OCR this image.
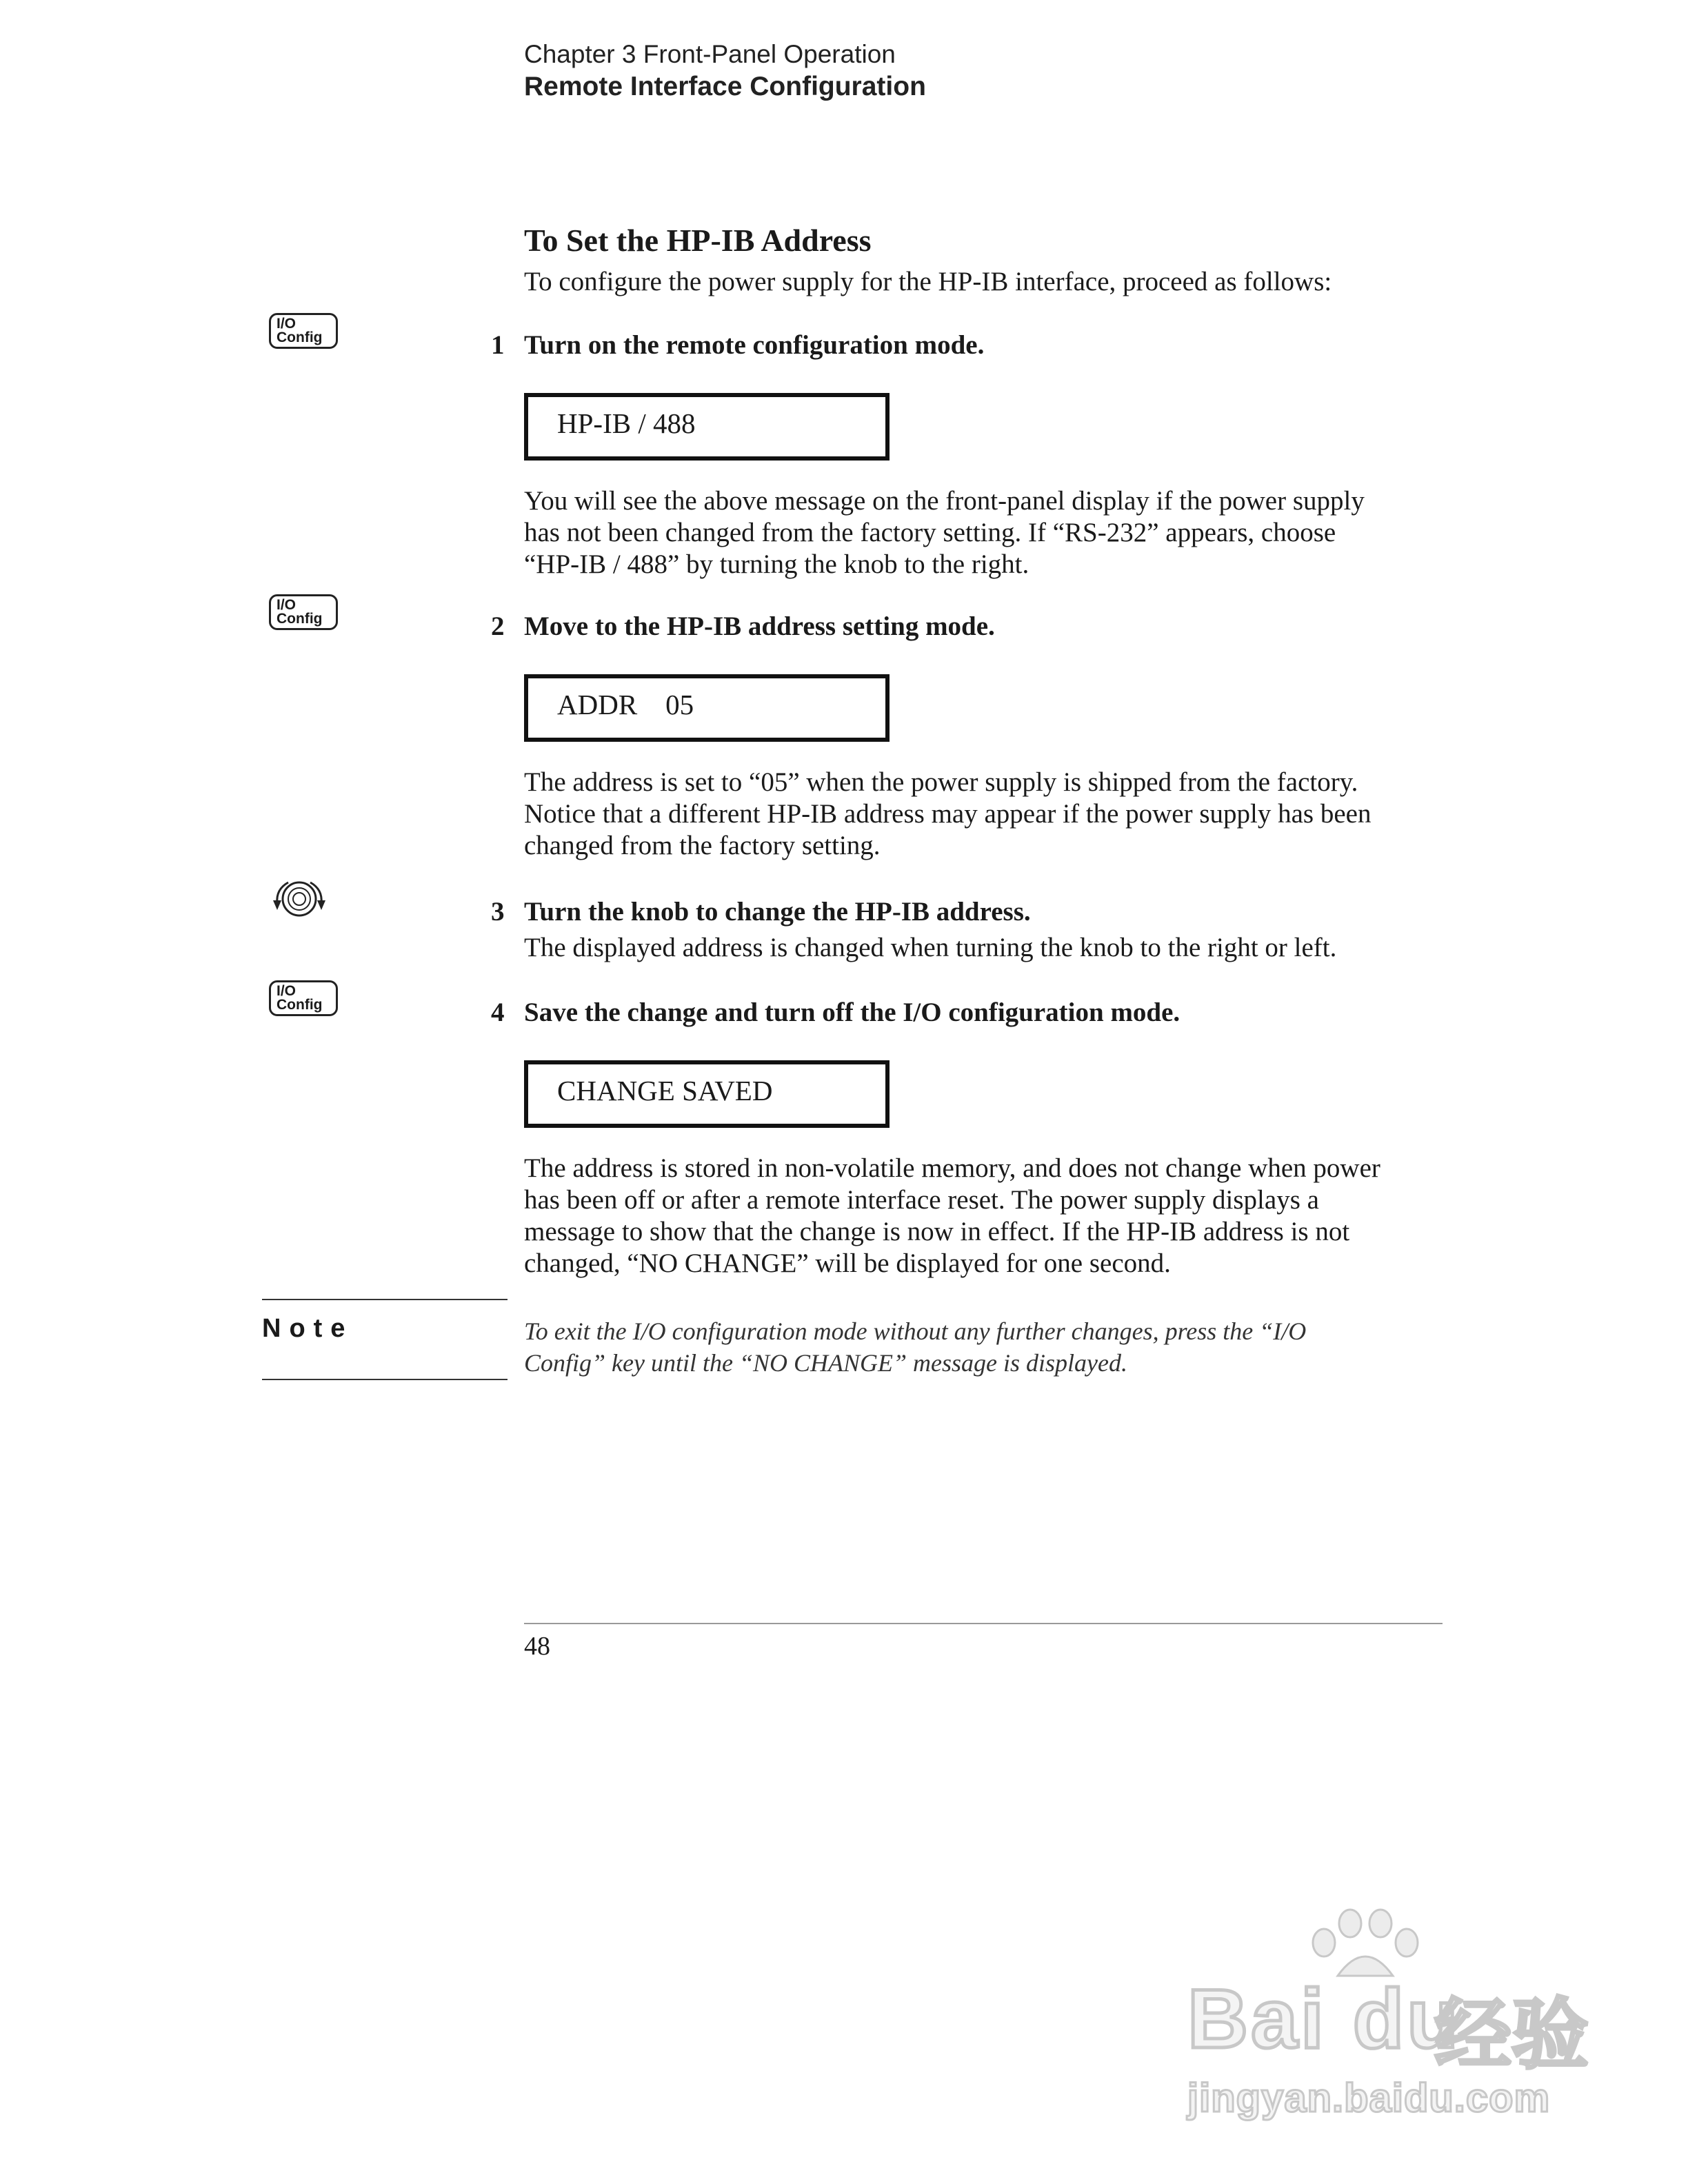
Chapter 3 Front-Panel Operation
Remote Interface Configuration
To Set the HP-IB Address
To configure the power supply for the HP-IB interface, proceed as follows:
I/O
Config	1 Turn on the remote configuration mode.
HP-IB / 488
You will see the above message on the front-panel display if the power supply
has not been changed from the factory setting. If “RS-232” appears, choose
“HP-IB / 488” by turning the knob to the right.
I/O
Config	2 Move to the HP-IB address setting mode.
ADDR    05
The address is set to “05” when the power supply is shipped from the factory.
Notice that a different HP-IB address may appear if the power supply has been
changed from the factory setting.
3 Turn the knob to change the HP-IB address.
The displayed address is changed when turning the knob to the right or left.
I/O
Config	4 Save the change and turn off the I/O configuration mode.
CHANGE SAVED
The address is stored in non-volatile memory, and does not change when power
has been off or after a remote interface reset. The power supply displays a
message to show that the change is now in effect. If the HP-IB address is not
changed, “NO CHANGE” will be displayed for one second.
Note	To exit the I/O configuration mode without any further changes, press the “I/O
Config” key until the “NO CHANGE” message is displayed.
48
Bai du
经验
jingyan.baidu.com
